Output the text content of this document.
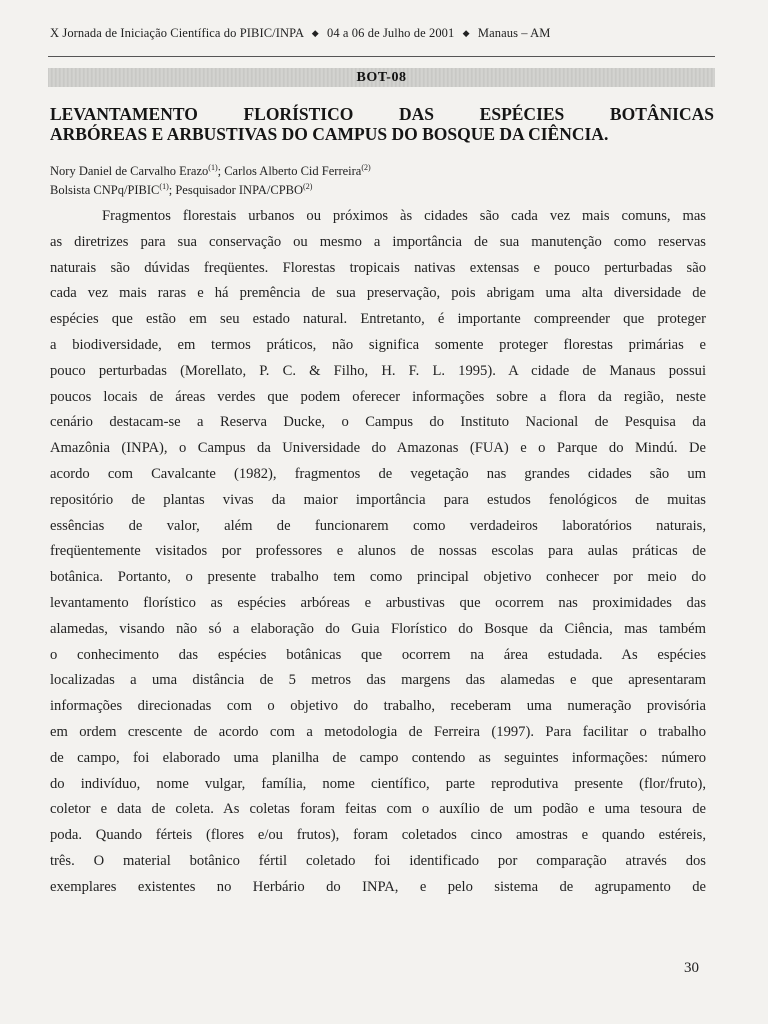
X Jornada de Iniciação Científica do PIBIC/INPA ◆ 04 a 06 de Julho de 2001 ◆ Manaus – AM
BOT-08
LEVANTAMENTO FLORÍSTICO DAS ESPÉCIES BOTÂNICAS
ARBÓREAS E ARBUSTIVAS DO CAMPUS DO BOSQUE DA CIÊNCIA.
Nory Daniel de Carvalho Erazo$^{(1)}$; Carlos Alberto Cid Ferreira$^{(2)}$
Bolsista CNPq/PIBIC$^{(1)}$; Pesquisador INPA/CPBO$^{(2)}$
Fragmentos florestais urbanos ou próximos às cidades são cada vez mais comuns, mas
as diretrizes para sua conservação ou mesmo a importância de sua manutenção como reservas
naturais são dúvidas freqüentes. Florestas tropicais nativas extensas e pouco perturbadas são
cada vez mais raras e há premência de sua preservação, pois abrigam uma alta diversidade de
espécies que estão em seu estado natural. Entretanto, é importante compreender que proteger
a biodiversidade, em termos práticos, não significa somente proteger florestas primárias e
pouco perturbadas (Morellato, P. C. & Filho, H. F. L. 1995). A cidade de Manaus possui
poucos locais de áreas verdes que podem oferecer informações sobre a flora da região, neste
cenário destacam-se a Reserva Ducke, o Campus do Instituto Nacional de Pesquisa da
Amazônia (INPA), o Campus da Universidade do Amazonas (FUA) e o Parque do Mindú. De
acordo com Cavalcante (1982), fragmentos de vegetação nas grandes cidades são um
repositório de plantas vivas da maior importância para estudos fenológicos de muitas
essências de valor, além de funcionarem como verdadeiros laboratórios naturais,
freqüentemente visitados por professores e alunos de nossas escolas para aulas práticas de
botânica. Portanto, o presente trabalho tem como principal objetivo conhecer por meio do
levantamento florístico as espécies arbóreas e arbustivas que ocorrem nas proximidades das
alamedas, visando não só a elaboração do Guia Florístico do Bosque da Ciência, mas também
o conhecimento das espécies botânicas que ocorrem na área estudada. As espécies
localizadas a uma distância de 5 metros das margens das alamedas e que apresentaram
informações direcionadas com o objetivo do trabalho, receberam uma numeração provisória
em ordem crescente de acordo com a metodologia de Ferreira (1997). Para facilitar o trabalho
de campo, foi elaborado uma planilha de campo contendo as seguintes informações: número
do indivíduo, nome vulgar, família, nome científico, parte reprodutiva presente (flor/fruto),
coletor e data de coleta. As coletas foram feitas com o auxílio de um podão e uma tesoura de
poda. Quando férteis (flores e/ou frutos), foram coletados cinco amostras e quando estéreis,
três. O material botânico fértil coletado foi identificado por comparação através dos
exemplares existentes no Herbário do INPA, e pelo sistema de agrupamento de
30
